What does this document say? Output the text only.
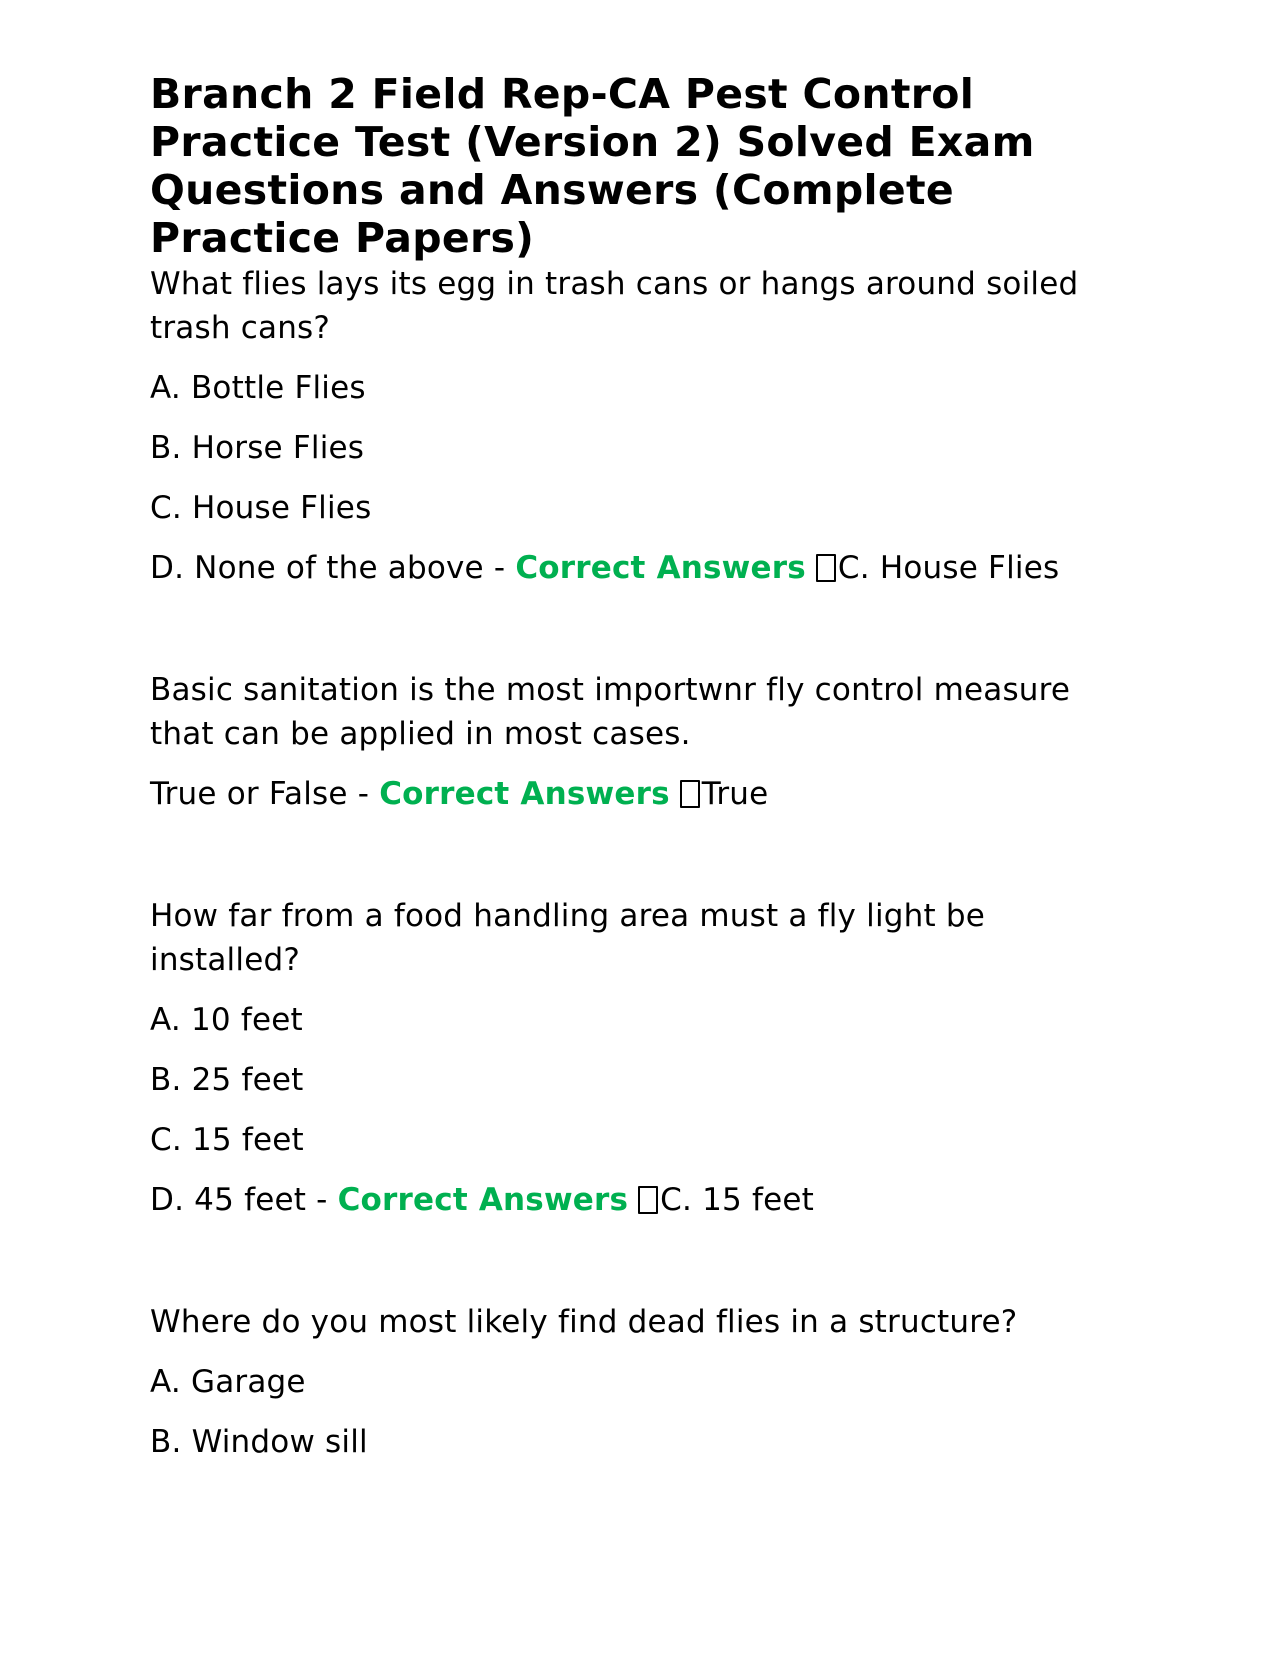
Branch 2 Field Rep-CA Pest Control Practice Test (Version 2) Solved Exam Questions and Answers (Complete Practice Papers)

What flies lays its egg in trash cans or hangs around soiled trash cans?

A. Bottle Flies

B. Horse Flies

C. House Flies

D. None of the above - Correct Answers C. House Flies

Basic sanitation is the most importwnr fly control measure that can be applied in most cases.

True or False - Correct Answers True

How far from a food handling area must a fly light be installed?

A. 10 feet

B. 25 feet

C. 15 feet

D. 45 feet - Correct Answers C. 15 feet

Where do you most likely find dead flies in a structure?

A. Garage

B. Window sill
